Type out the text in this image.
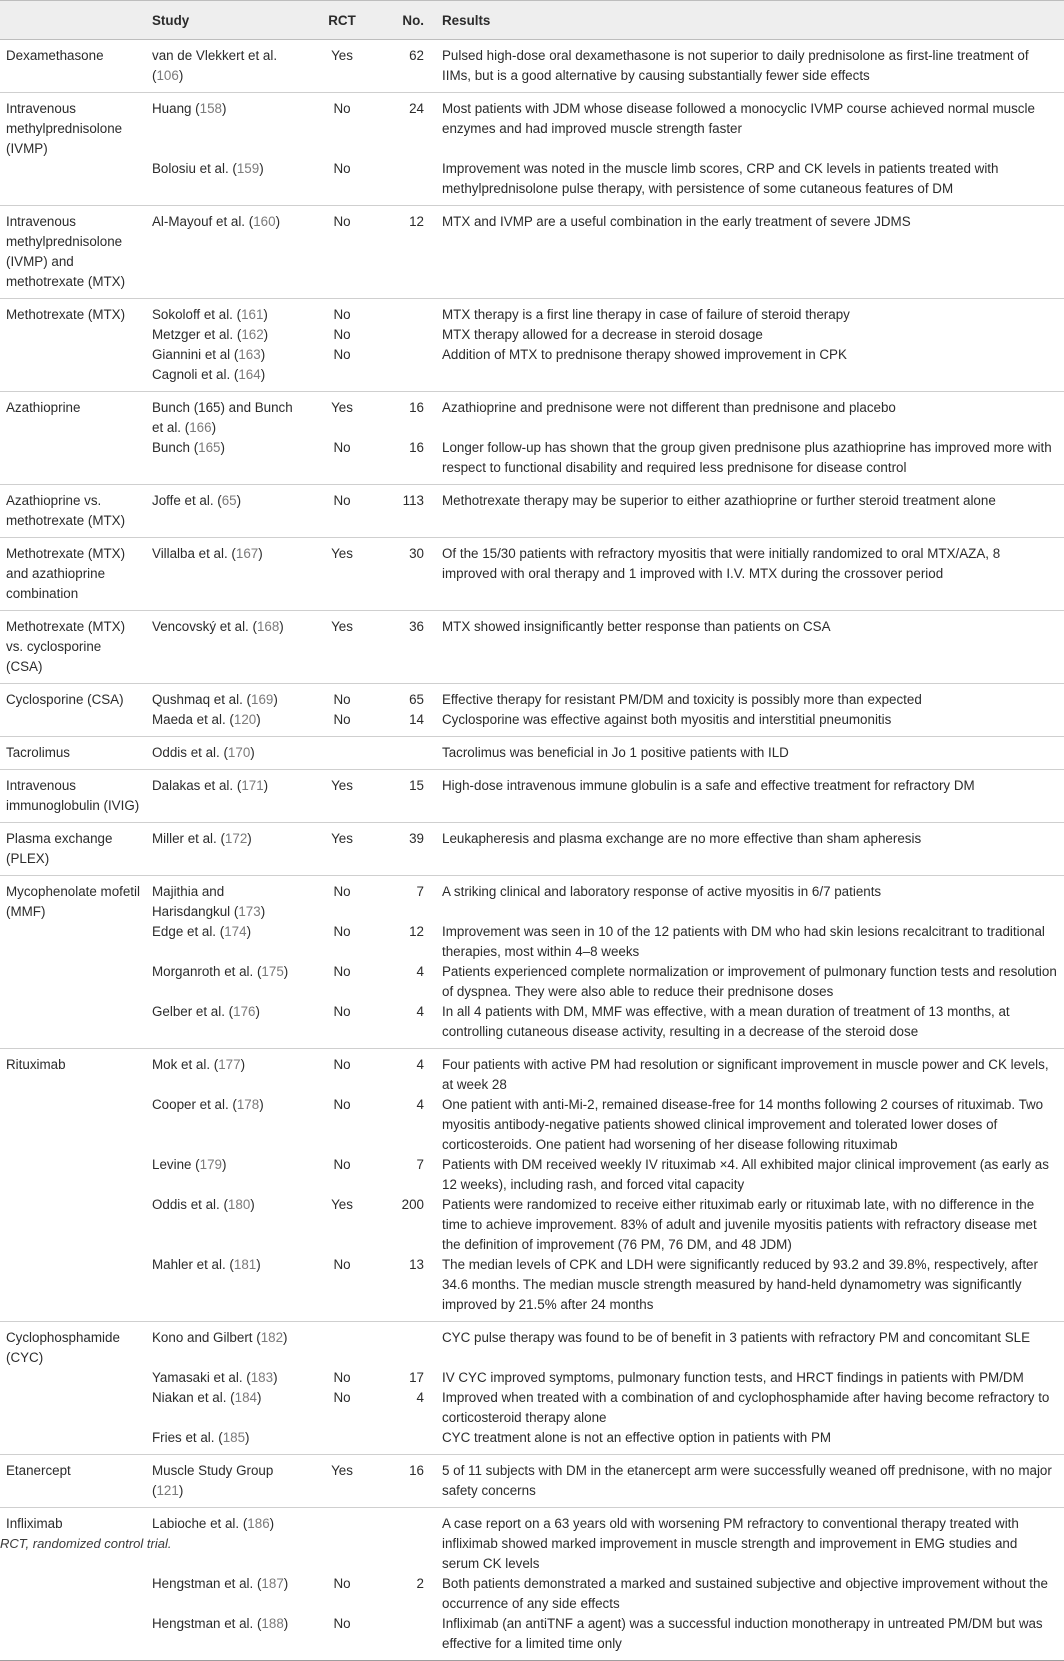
	Study	RCT	No.	Results
Dexamethasone	van de Vlekkert et al. (106)	Yes	62	Pulsed high-dose oral dexamethasone is not superior to daily prednisolone as first-line treatment of IIMs, but is a good alternative by causing substantially fewer side effects
Intravenous methylprednisolone (IVMP)	Huang (158)	No	24	Most patients with JDM whose disease followed a monocyclic IVMP course achieved normal muscle enzymes and had improved muscle strength faster
	Bolosiu et al. (159)	No		Improvement was noted in the muscle limb scores, CRP and CK levels in patients treated with methylprednisolone pulse therapy, with persistence of some cutaneous features of DM
Intravenous methylprednisolone (IVMP) and methotrexate (MTX)	Al-Mayouf et al. (160)	No	12	MTX and IVMP are a useful combination in the early treatment of severe JDMS
Methotrexate (MTX)	Sokoloff et al. (161)	No		MTX therapy is a first line therapy in case of failure of steroid therapy
	Metzger et al. (162)	No		MTX therapy allowed for a decrease in steroid dosage
	Giannini et al (163)	No		Addition of MTX to prednisone therapy showed improvement in CPK
	Cagnoli et al. (164)			
Azathioprine	Bunch (165) and Bunch et al. (166)	Yes	16	Azathioprine and prednisone were not different than prednisone and placebo
	Bunch (165)	No	16	Longer follow-up has shown that the group given prednisone plus azathioprine has improved more with respect to functional disability and required less prednisone for disease control
Azathioprine vs. methotrexate (MTX)	Joffe et al. (65)	No	113	Methotrexate therapy may be superior to either azathioprine or further steroid treatment alone
Methotrexate (MTX) and azathioprine combination	Villalba et al. (167)	Yes	30	Of the 15/30 patients with refractory myositis that were initially randomized to oral MTX/AZA, 8 improved with oral therapy and 1 improved with I.V. MTX during the crossover period
Methotrexate (MTX) vs. cyclosporine (CSA)	Vencovský et al. (168)	Yes	36	MTX showed insignificantly better response than patients on CSA
Cyclosporine (CSA)	Qushmaq et al. (169)	No	65	Effective therapy for resistant PM/DM and toxicity is possibly more than expected
	Maeda et al. (120)	No	14	Cyclosporine was effective against both myositis and interstitial pneumonitis
Tacrolimus	Oddis et al. (170)			Tacrolimus was beneficial in Jo 1 positive patients with ILD
Intravenous immunoglobulin (IVIG)	Dalakas et al. (171)	Yes	15	High-dose intravenous immune globulin is a safe and effective treatment for refractory DM
Plasma exchange (PLEX)	Miller et al. (172)	Yes	39	Leukapheresis and plasma exchange are no more effective than sham apheresis
Mycophenolate mofetil (MMF)	Majithia and Harisdangkul (173)	No	7	A striking clinical and laboratory response of active myositis in 6/7 patients
	Edge et al. (174)	No	12	Improvement was seen in 10 of the 12 patients with DM who had skin lesions recalcitrant to traditional therapies, most within 4–8 weeks
	Morganroth et al. (175)	No	4	Patients experienced complete normalization or improvement of pulmonary function tests and resolution of dyspnea. They were also able to reduce their prednisone doses
	Gelber et al. (176)	No	4	In all 4 patients with DM, MMF was effective, with a mean duration of treatment of 13 months, at controlling cutaneous disease activity, resulting in a decrease of the steroid dose
Rituximab	Mok et al. (177)	No	4	Four patients with active PM had resolution or significant improvement in muscle power and CK levels, at week 28
	Cooper et al. (178)	No	4	One patient with anti-Mi-2, remained disease-free for 14 months following 2 courses of rituximab. Two myositis antibody-negative patients showed clinical improvement and tolerated lower doses of corticosteroids. One patient had worsening of her disease following rituximab
	Levine (179)	No	7	Patients with DM received weekly IV rituximab ×4. All exhibited major clinical improvement (as early as 12 weeks), including rash, and forced vital capacity
	Oddis et al. (180)	Yes	200	Patients were randomized to receive either rituximab early or rituximab late, with no difference in the time to achieve improvement. 83% of adult and juvenile myositis patients with refractory disease met the definition of improvement (76 PM, 76 DM, and 48 JDM)
	Mahler et al. (181)	No	13	The median levels of CPK and LDH were significantly reduced by 93.2 and 39.8%, respectively, after 34.6 months. The median muscle strength measured by hand-held dynamometry was significantly improved by 21.5% after 24 months
Cyclophosphamide (CYC)	Kono and Gilbert (182)			CYC pulse therapy was found to be of benefit in 3 patients with refractory PM and concomitant SLE
	Yamasaki et al. (183)	No	17	IV CYC improved symptoms, pulmonary function tests, and HRCT findings in patients with PM/DM
	Niakan et al. (184)	No	4	Improved when treated with a combination of and cyclophosphamide after having become refractory to corticosteroid therapy alone
	Fries et al. (185)			CYC treatment alone is not an effective option in patients with PM
Etanercept	Muscle Study Group (121)	Yes	16	5 of 11 subjects with DM in the etanercept arm were successfully weaned off prednisone, with no major safety concerns
Infliximab	Labioche et al. (186)			A case report on a 63 years old with worsening PM refractory to conventional therapy treated with infliximab showed marked improvement in muscle strength and improvement in EMG studies and serum CK levels
	Hengstman et al. (187)	No	2	Both patients demonstrated a marked and sustained subjective and objective improvement without the occurrence of any side effects
	Hengstman et al. (188)	No		Infliximab (an antiTNF a agent) was a successful induction monotherapy in untreated PM/DM but was effective for a limited time only
RCT, randomized control trial.
